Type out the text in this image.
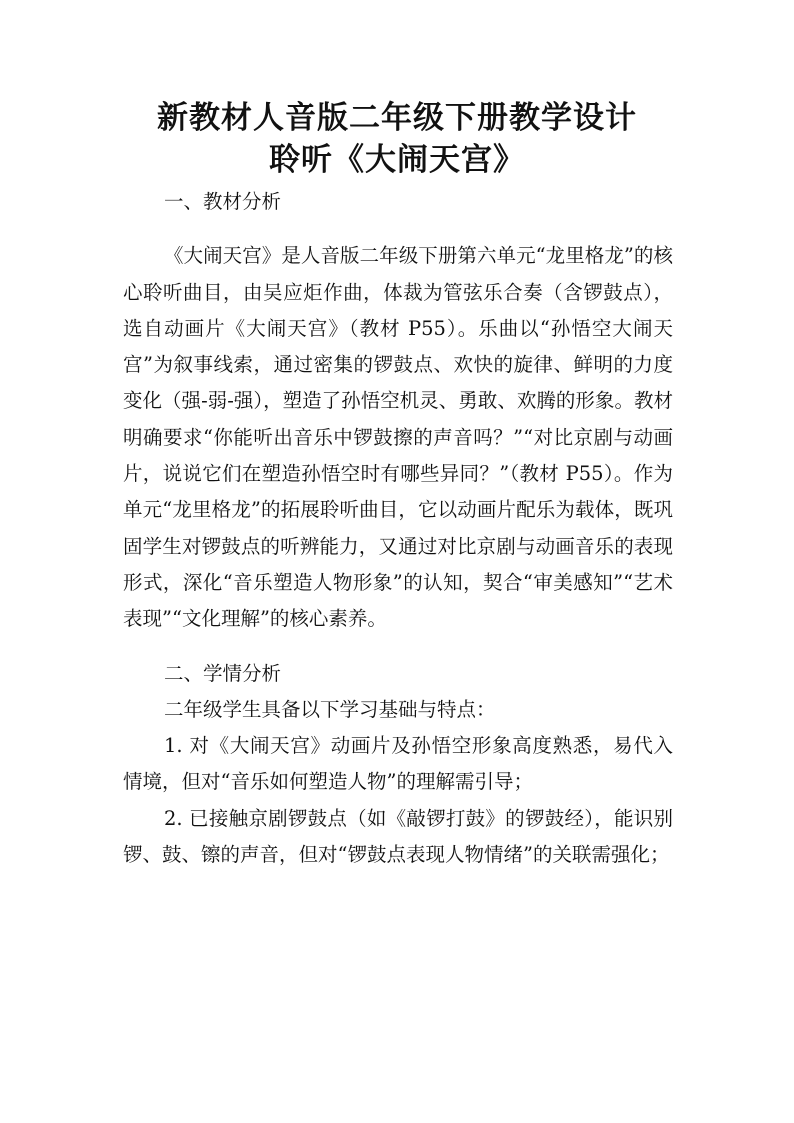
新教材人音版二年级下册教学设计
聆听《大闹天宫》

一、教材分析

《大闹天宫》是人音版二年级下册第六单元“龙里格龙”的核心聆听曲目，由吴应炬作曲，体裁为管弦乐合奏（含锣鼓点），选自动画片《大闹天宫》（教材 P55）。乐曲以“孙悟空大闹天宫”为叙事线索，通过密集的锣鼓点、欢快的旋律、鲜明的力度变化（强-弱-强），塑造了孙悟空机灵、勇敢、欢腾的形象。教材明确要求“你能听出音乐中锣鼓擦的声音吗？”“对比京剧与动画片，说说它们在塑造孙悟空时有哪些异同？”（教材 P55）。作为单元“龙里格龙”的拓展聆听曲目，它以动画片配乐为载体，既巩固学生对锣鼓点的听辨能力，又通过对比京剧与动画音乐的表现形式，深化“音乐塑造人物形象”的认知，契合“审美感知”“艺术表现”“文化理解”的核心素养。

二、学情分析

二年级学生具备以下学习基础与特点：

1. 对《大闹天宫》动画片及孙悟空形象高度熟悉，易代入情境，但对“音乐如何塑造人物”的理解需引导；

2. 已接触京剧锣鼓点（如《敲锣打鼓》的锣鼓经），能识别锣、鼓、镲的声音，但对“锣鼓点表现人物情绪”的关联需强化；
